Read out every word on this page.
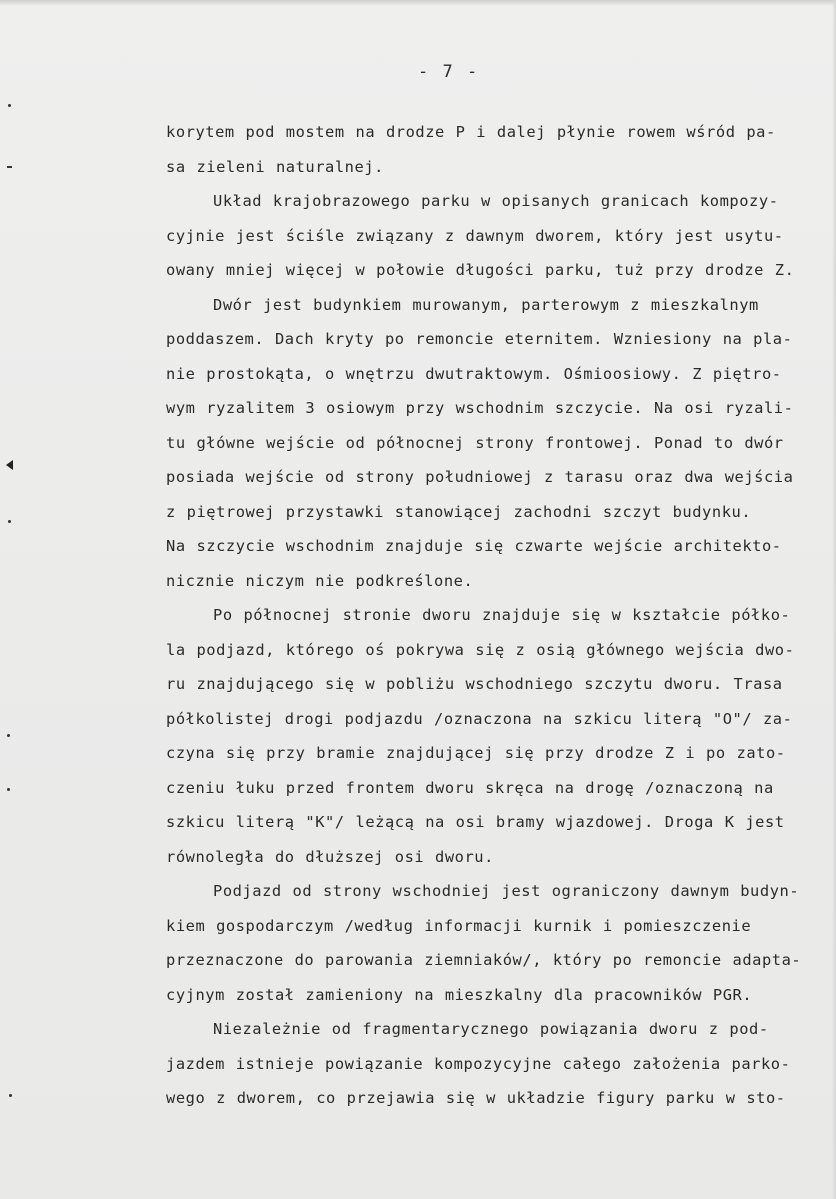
- 7 -
korytem pod mostem na drodze P i dalej płynie rowem wśród pa-
sa zieleni naturalnej.
Układ krajobrazowego parku w opisanych granicach kompozy-
cyjnie jest ściśle związany z dawnym dworem, który jest usytu-
owany mniej więcej w połowie długości parku, tuż przy drodze Z.
Dwór jest budynkiem murowanym, parterowym z mieszkalnym
poddaszem. Dach kryty po remoncie eternitem. Wzniesiony na pla-
nie prostokąta, o wnętrzu dwutraktowym. Ośmioosiowy. Z piętro-
wym ryzalitem 3 osiowym przy wschodnim szczycie. Na osi ryzali-
tu główne wejście od północnej strony frontowej. Ponad to dwór
posiada wejście od strony południowej z tarasu oraz dwa wejścia
z piętrowej przystawki stanowiącej zachodni szczyt budynku.
Na szczycie wschodnim znajduje się czwarte wejście architekto-
nicznie niczym nie podkreślone.
Po północnej stronie dworu znajduje się w kształcie półko-
la podjazd, którego oś pokrywa się z osią głównego wejścia dwo-
ru znajdującego się w pobliżu wschodniego szczytu dworu. Trasa
półkolistej drogi podjazdu /oznaczona na szkicu literą "O"/ za-
czyna się przy bramie znajdującej się przy drodze Z i po zato-
czeniu łuku przed frontem dworu skręca na drogę /oznaczoną na
szkicu literą "K"/ leżącą na osi bramy wjazdowej. Droga K jest
równoległa do dłuższej osi dworu.
Podjazd od strony wschodniej jest ograniczony dawnym budyn-
kiem gospodarczym /według informacji kurnik i pomieszczenie
przeznaczone do parowania ziemniaków/, który po remoncie adapta-
cyjnym został zamieniony na mieszkalny dla pracowników PGR.
Niezależnie od fragmentarycznego powiązania dworu z pod-
jazdem istnieje powiązanie kompozycyjne całego założenia parko-
wego z dworem, co przejawia się w układzie figury parku w sto-
